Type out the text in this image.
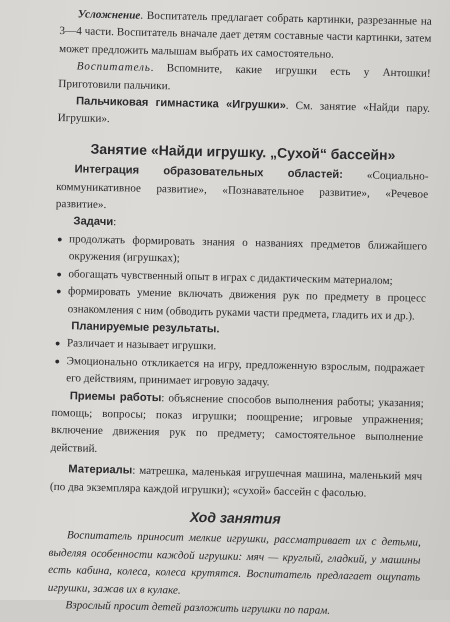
Усложнение. Воспитатель предлагает собрать картинки, разрезанные на 3—4 части. Воспитатель вначале дает детям составные части картинки, затем может предложить малышам выбрать их самостоятельно.

Воспитатель. Вспомните, какие игрушки есть у Антошки! Приготовили пальчики.

Пальчиковая гимнастика «Игрушки». См. занятие «Найди пару. Игрушки».

Занятие «Найди игрушку. „Сухой“ бассейн»

Интеграция образовательных областей: «Социально-коммуникативное развитие», «Познавательное развитие», «Речевое развитие».

Задачи:

● продолжать формировать знания о названиях предметов ближайшего окружения (игрушках);

● обогащать чувственный опыт в играх с дидактическим материалом;

● формировать умение включать движения рук по предмету в процесс ознакомления с ним (обводить руками части предмета, гладить их и др.).

Планируемые результаты.

● Различает и называет игрушки.

● Эмоционально откликается на игру, предложенную взрослым, подражает его действиям, принимает игровую задачу.

Приемы работы: объяснение способов выполнения работы; указания; помощь; вопросы; показ игрушки; поощрение; игровые упражнения; включение движения рук по предмету; самостоятельное выполнение действий.

Материалы: матрешка, маленькая игрушечная машина, маленький мяч (по два экземпляра каждой игрушки); «сухой» бассейн с фасолью.

Ход занятия

Воспитатель приносит мелкие игрушки, рассматривает их с детьми, выделяя особенности каждой игрушки: мяч — круглый, гладкий, у машины есть кабина, колеса, колеса крутятся. Воспитатель предлагает ощупать игрушки, зажав их в кулаке.

Взрослый просит детей разложить игрушки по парам.
